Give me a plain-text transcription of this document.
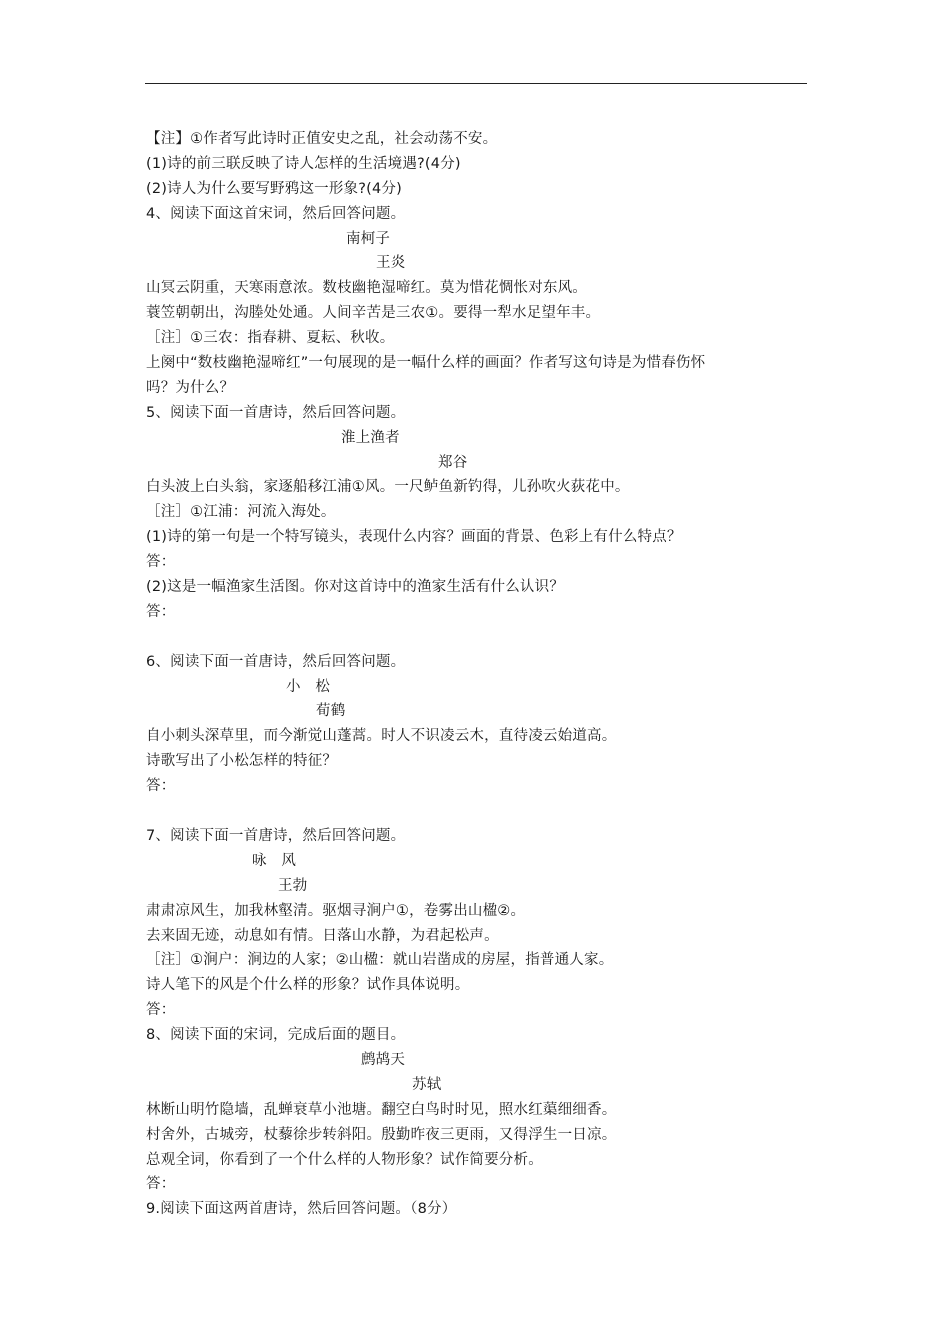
【注】①作者写此诗时正值安史之乱，社会动荡不安。
(1)诗的前三联反映了诗人怎样的生活境遇?(4分)
(2)诗人为什么要写野鸦这一形象?(4分)
4、阅读下面这首宋词，然后回答问题。
南柯子
王炎
山冥云阴重，天寒雨意浓。数枝幽艳湿啼红。莫为惜花惆怅对东风。
蓑笠朝朝出，沟塍处处通。人间辛苦是三农①。要得一犁水足望年丰。
［注］①三农：指春耕、夏耘、秋收。
上阕中“数枝幽艳湿啼红”一句展现的是一幅什么样的画面？作者写这句诗是为惜春伤怀
吗？为什么？
5、阅读下面一首唐诗，然后回答问题。
淮上渔者
郑谷
白头波上白头翁，家逐船移江浦①风。一尺鲈鱼新钓得，儿孙吹火荻花中。
［注］①江浦：河流入海处。
(1)诗的第一句是一个特写镜头，表现什么内容？画面的背景、色彩上有什么特点？
答：
(2)这是一幅渔家生活图。你对这首诗中的渔家生活有什么认识？
答：
6、阅读下面一首唐诗，然后回答问题。
小　松
荀鹤
自小刺头深草里，而今渐觉山蓬蒿。时人不识凌云木，直待凌云始道高。
诗歌写出了小松怎样的特征？
答：
7、阅读下面一首唐诗，然后回答问题。
咏　风
王勃
肃肃凉风生，加我林壑清。驱烟寻涧户①，卷雾出山楹②。
去来固无迹，动息如有情。日落山水静，为君起松声。
［注］①涧户：涧边的人家；②山楹：就山岩凿成的房屋，指普通人家。
诗人笔下的风是个什么样的形象？试作具体说明。
答：
8、阅读下面的宋词，完成后面的题目。
鹧鸪天
苏轼
林断山明竹隐墙，乱蝉衰草小池塘。翻空白鸟时时见，照水红蕖细细香。
村舍外，古城旁，杖藜徐步转斜阳。殷勤昨夜三更雨，又得浮生一日凉。
总观全词，你看到了一个什么样的人物形象？试作简要分析。
答：
9.阅读下面这两首唐诗，然后回答问题。（8分）
